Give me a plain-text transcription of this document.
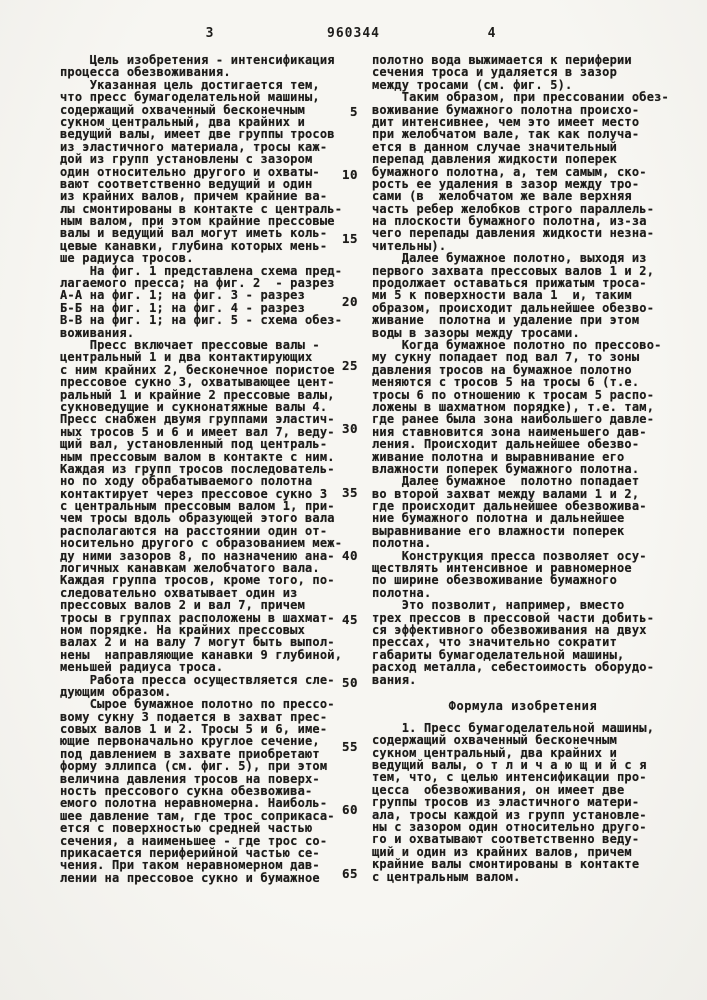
3	960344	4
Цель изобретения - интенсификация
процесса обезвоживания.
Указанная цель достигается тем,
что пресс бумагоделательной машины,
содержащий охваченный бесконечным
сукном центральный, два крайних и
ведущий валы, имеет две группы тросов
из эластичного материала, тросы каж-
дой из групп установлены с зазором
один относительно другого и охваты-
вают соответственно ведущий и один
из крайних валов, причем крайние ва-
лы смонтированы в контакте с централь-
ным валом, при этом крайние прессовые
валы и ведущий вал могут иметь коль-
цевые канавки, глубина которых мень-
ше радиуса тросов.
На фиг. 1 представлена схема пред-
лагаемого пресса; на фиг. 2  - разрез
А-А на фиг. 1; на фиг. 3 - разрез
Б-Б на фиг. 1; на фиг. 4 - разрез
В-В на фиг. 1; на фиг. 5 - схема обез-
воживания.
Пресс включает прессовые валы -
центральный 1 и два контактирующих
с ним крайних 2, бесконечное пористое
прессовое сукно 3, охватывающее цент-
ральный 1 и крайние 2 прессовые валы,
сукноведущие и сукнонатяжные валы 4.
Пресс снабжен двумя группами эластич-
ных тросов 5 и 6 и имеет вал 7, веду-
щий вал, установленный под централь-
ным прессовым валом в контакте с ним.
Каждая из групп тросов последователь-
но по ходу обрабатываемого полотна
контактирует через прессовое сукно 3
с центральным прессовым валом 1, при-
чем тросы вдоль образующей этого вала
располагаются на расстоянии один от-
носительно другого с образованием меж-
ду ними зазоров 8, по назначению ана-
логичных канавкам желобчатого вала.
Каждая группа тросов, кроме того, по-
следовательно охватывает один из
прессовых валов 2 и вал 7, причем
тросы в группах расположены в шахмат-
ном порядке. На крайних прессовых
валах 2 и на валу 7 могут быть выпол-
нены  направляющие канавки 9 глубиной,
меньшей радиуса троса.
Работа пресса осуществляется сле-
дующим образом.
Сырое бумажное полотно по прессо-
вому сукну 3 подается в захват прес-
совых валов 1 и 2. Тросы 5 и 6, име-
ющие первоначально круглое сечение,
под давлением в захвате приобретают
форму эллипса (см. фиг. 5), при этом
величина давления тросов на поверх-
ность прессового сукна обезвожива-
емого полотна неравномерна. Наиболь-
шее давление там, где трос соприкаса-
ется с поверхностью средней частью
сечения, а наименьшее - где трос со-
прикасается периферийной частью се-
чения. При таком неравномерном дав-
лении на прессовое сукно и бумажное
5
10
15
20
25
30
35
40
45
50
55
60
65
полотно вода выжимается к периферии
сечения троса и удаляется в зазор
между тросами (см. фиг. 5).
Таким образом, при прессовании обез-
воживание бумажного полотна происхо-
дит интенсивнее, чем это имеет место
при желобчатом вале, так как получа-
ется в данном случае значительный
перепад давления жидкости поперек
бумажного полотна, а, тем самым, ско-
рость ее удаления в зазор между тро-
сами (в  желобчатом же вале верхняя
часть ребер желобков строго параллель-
на плоскости бумажного полотна, из-за
чего перепады давления жидкости незна-
чительны).
Далее бумажное полотно, выходя из
первого захвата прессовых валов 1 и 2,
продолжает оставаться прижатым троса-
ми 5 к поверхности вала 1  и, таким
образом, происходит дальнейшее обезво-
живание  полотна и удаление при этом
воды в зазоры между тросами.
Когда бумажное полотно по прессово-
му сукну попадает под вал 7, то зоны
давления тросов на бумажное полотно
меняются с тросов 5 на тросы 6 (т.е.
тросы 6 по отношению к тросам 5 распо-
ложены в шахматном порядке), т.е. там,
где ранее была зона наибольшего давле-
ния ставновится зона наименьшего дав-
ления. Происходит дальнейшее обезво-
живание полотна и выравнивание его
влажности поперек бумажного полотна.
Далее бумажное  полотно попадает
во второй захват между валами 1 и 2,
где происходит дальнейшее обезвожива-
ние бумажного полотна и дальнейшее
выравнивание его влажности поперек
полотна.
Конструкция пресса позволяет осу-
ществлять интенсивное и равномерное
по ширине обезвоживание бумажного
полотна.
Это позволит, например, вместо
трех прессов в прессовой части добить-
ся эффективного обезвоживания на двух
прессах, что значительно сократит
габариты бумагоделательной машины,
расход металла, себестоимость оборудо-
вания.
Формула изобретения
1. Пресс бумагоделательной машины,
содержащий охваченный бесконечным
сукном центральный, два крайних и
ведущий валы, о т л и ч а ю щ и й с я
тем, что, с целью интенсификации про-
цесса  обезвоживания, он имеет две
группы тросов из эластичного матери-
ала, тросы каждой из групп установле-
ны с зазором один относительно друго-
го и охватывают соответственно веду-
щий и один из крайних валов, причем
крайние валы смонтированы в контакте
с центральным валом.
